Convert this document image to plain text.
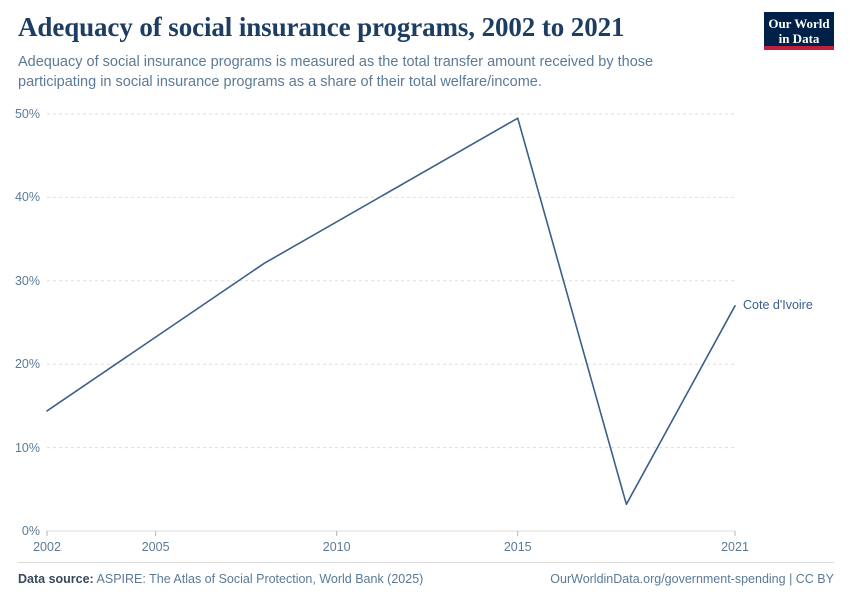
Adequacy of social insurance programs, 2002 to 2021

Adequacy of social insurance programs is measured as the total transfer amount received by those participating in social insurance programs as a share of their total welfare/income.

Our World
in Data
0%
10%
20%
30%
40%
50%
2002	2005	2010	2015	2021
Cote d'Ivoire
Data source: ASPIRE: The Atlas of Social Protection, World Bank (2025)	OurWorldinData.org/government-spending | CC BY
